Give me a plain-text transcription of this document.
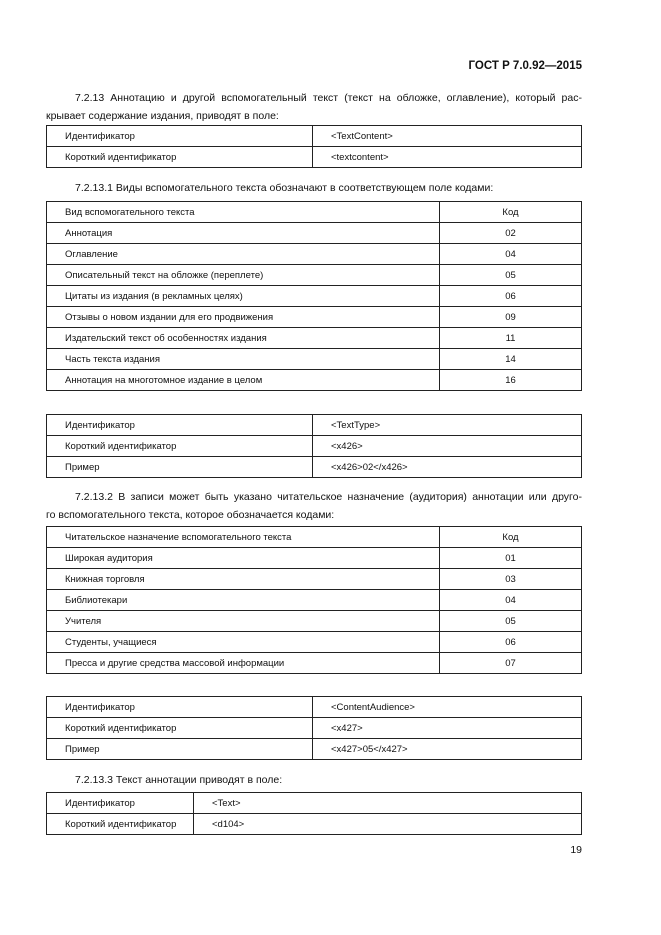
ГОСТ Р 7.0.92—2015
7.2.13 Аннотацию и другой вспомогательный текст (текст на обложке, оглавление), который рас-
крывает содержание издания, приводят в поле:
Идентификатор	<TextContent>
Короткий идентификатор	<textcontent>
7.2.13.1 Виды вспомогательного текста обозначают в соответствующем поле кодами:
Вид вспомогательного текста	Код
Аннотация	02
Оглавление	04
Описательный текст на обложке (переплете)	05
Цитаты из издания (в рекламных целях)	06
Отзывы о новом издании для его продвижения	09
Издательский текст об особенностях издания	11
Часть текста издания	14
Аннотация на многотомное издание в целом	16
Идентификатор	<TextType>
Короткий идентификатор	<x426>
Пример	<x426>02</x426>
7.2.13.2 В записи может быть указано читательское назначение (аудитория) аннотации или друго-
го вспомогательного текста, которое обозначается кодами:
Читательское назначение вспомогательного текста	Код
Широкая аудитория	01
Книжная торговля	03
Библиотекари	04
Учителя	05
Студенты, учащиеся	06
Пресса и другие средства массовой информации	07
Идентификатор	<ContentAudience>
Короткий идентификатор	<x427>
Пример	<x427>05</x427>
7.2.13.3 Текст аннотации приводят в поле:
Идентификатор	<Text>
Короткий идентификатор	<d104>
19
